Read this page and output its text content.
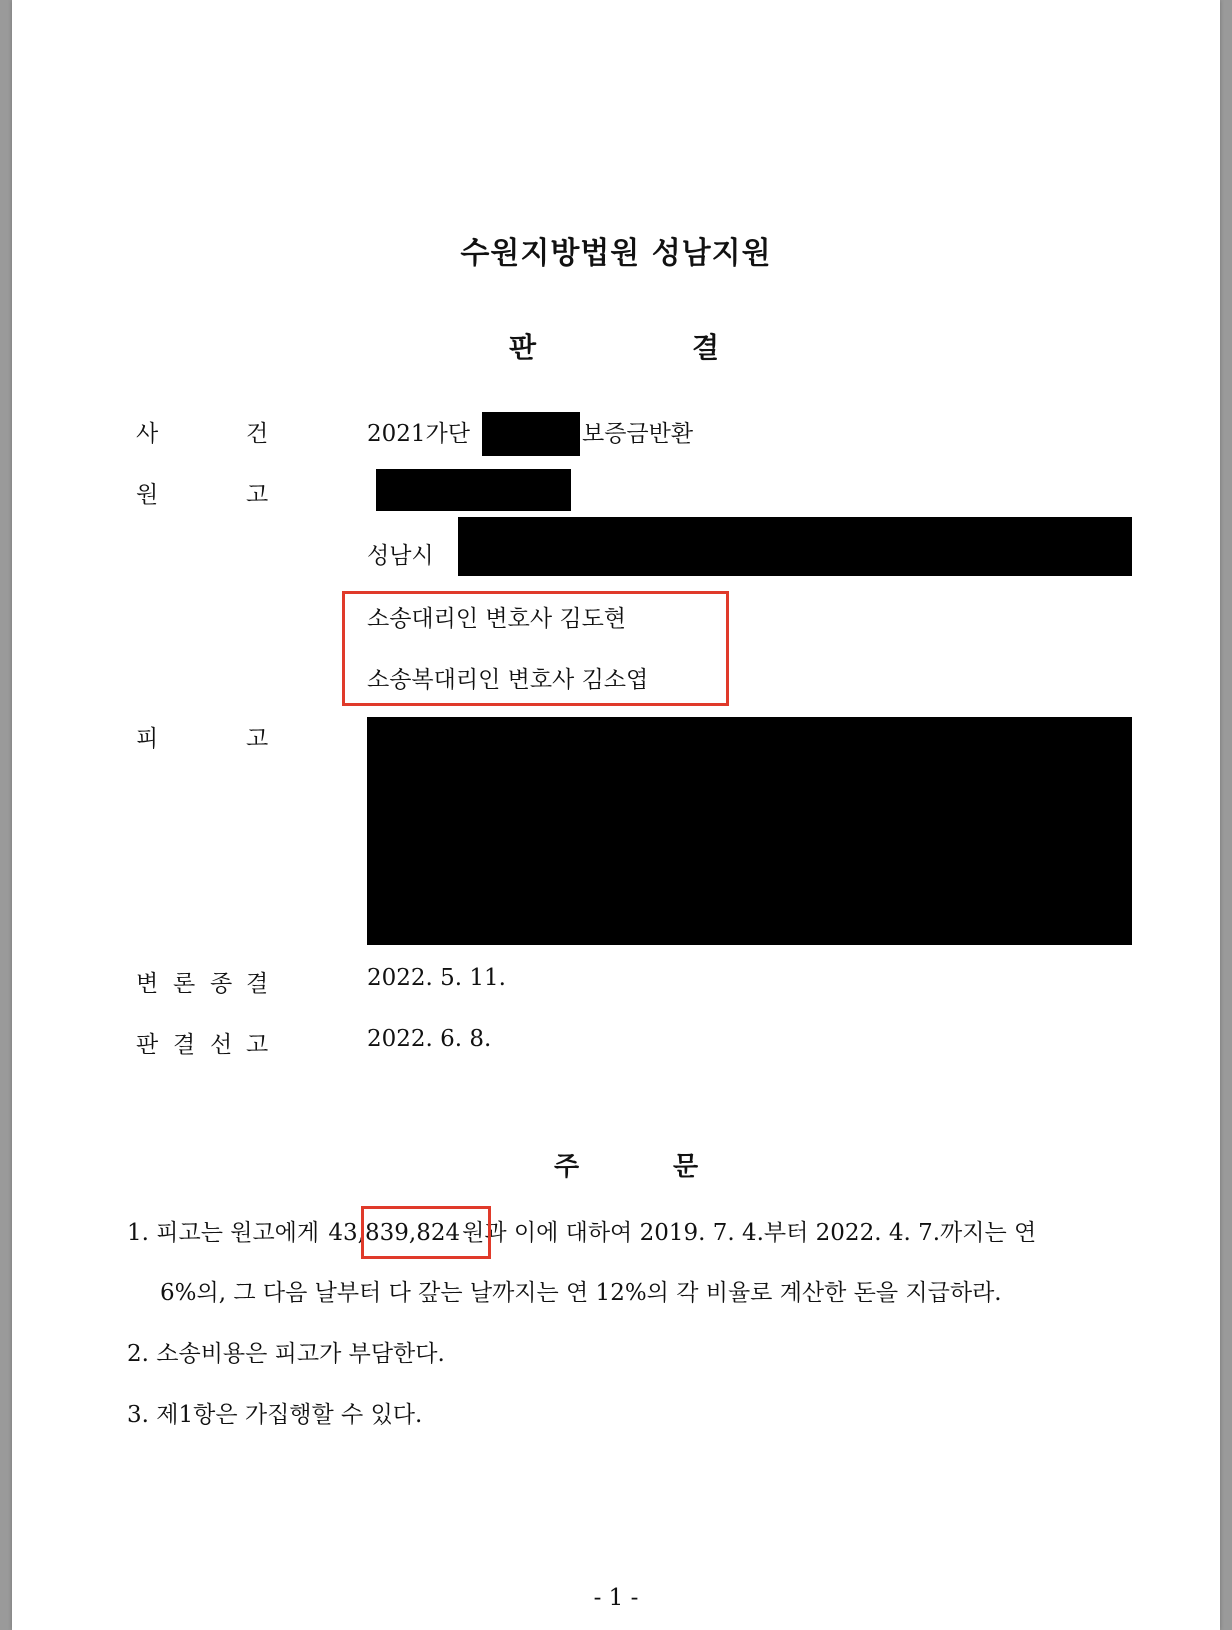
수원지방법원 성남지원
판	결
사	건	2021가단	보증금반환
원	고
성남시
소송대리인 변호사 김도현
소송복대리인 변호사 김소엽
피	고
변 론 종 결	2022. 5. 11.
판 결 선 고	2022. 6. 8.
주	문
1. 피고는 원고에게 43,839,824원과 이에 대하여 2019. 7. 4.부터 2022. 4. 7.까지는 연
6%의, 그 다음 날부터 다 갚는 날까지는 연 12%의 각 비율로 계산한 돈을 지급하라.
2. 소송비용은 피고가 부담한다.
3. 제1항은 가집행할 수 있다.
- 1 -
